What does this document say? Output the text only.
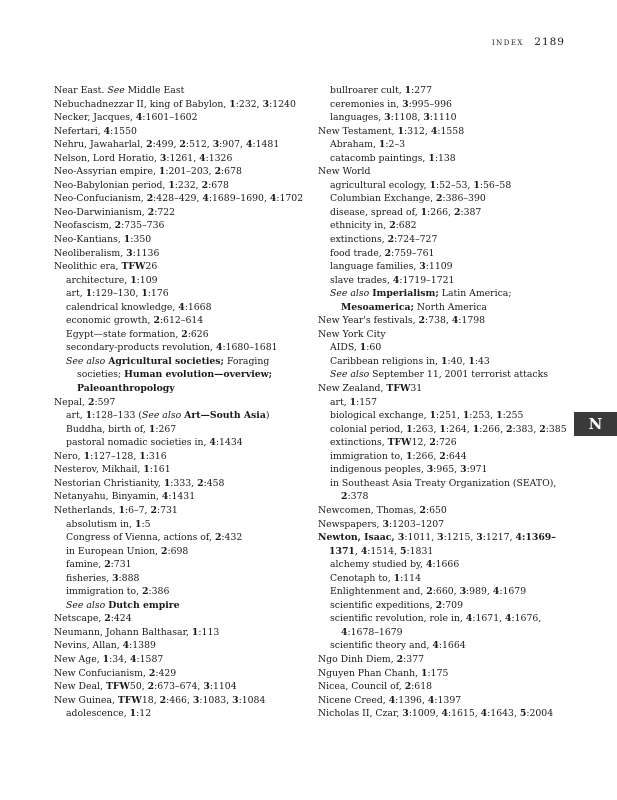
index 2189
Near East. See Middle East
Nebuchadnezzar II, king of Babylon, 1:232, 3:1240
Necker, Jacques, 4:1601–1602
Nefertari, 4:1550
Nehru, Jawaharlal, 2:499, 2:512, 3:907, 4:1481
Nelson, Lord Horatio, 3:1261, 4:1326
Neo-Assyrian empire, 1:201–203, 2:678
Neo-Babylonian period, 1:232, 2:678
Neo-Confucianism, 2:428–429, 4:1689–1690, 4:1702
Neo-Darwinianism, 2:722
Neofascism, 2:735–736
Neo-Kantians, 1:350
Neoliberalism, 3:1136
Neolithic era, TFW26
architecture, 1:109
art, 1:129–130, 1:176
calendrical knowledge, 4:1668
economic growth, 2:612–614
Egypt—state formation, 2:626
secondary-products revolution, 4:1680–1681
See also Agricultural societies; Foraging societies; Human evolution—overview; Paleoanthropology
Nepal, 2:597
art, 1:128–133 (See also Art—South Asia)
Buddha, birth of, 1:267
pastoral nomadic societies in, 4:1434
Nero, 1:127–128, 1:316
Nesterov, Mikhail, 1:161
Nestorian Christianity, 1:333, 2:458
Netanyahu, Binyamin, 4:1431
Netherlands, 1:6–7, 2:731
absolutism in, 1:5
Congress of Vienna, actions of, 2:432
in European Union, 2:698
famine, 2:731
fisheries, 3:888
immigration to, 2:386
See also Dutch empire
Netscape, 2:424
Neumann, Johann Balthasar, 1:113
Nevins, Allan, 4:1389
New Age, 1:34, 4:1587
New Confucianism, 2:429
New Deal, TFW50, 2:673–674, 3:1104
New Guinea, TFW18, 2:466, 3:1083, 3:1084
adolescence, 1:12
bullroarer cult, 1:277
ceremonies in, 3:995–996
languages, 3:1108, 3:1110
New Testament, 1:312, 4:1558
Abraham, 1:2–3
catacomb paintings, 1:138
New World
agricultural ecology, 1:52–53, 1:56–58
Columbian Exchange, 2:386–390
disease, spread of, 1:266, 2:387
ethnicity in, 2:682
extinctions, 2:724–727
food trade, 2:759–761
language families, 3:1109
slave trades, 4:1719–1721
See also Imperialism; Latin America; Mesoamerica; North America
New Year's festivals, 2:738, 4:1798
New York City
AIDS, 1:60
Caribbean religions in, 1:40, 1:43
See also September 11, 2001 terrorist attacks
New Zealand, TFW31
art, 1:157
biological exchange, 1:251, 1:253, 1:255
colonial period, 1:263, 1:264, 1:266, 2:383, 2:385
extinctions, TFW12, 2:726
immigration to, 1:266, 2:644
indigenous peoples, 3:965, 3:971
in Southeast Asia Treaty Organization (SEATO), 2:378
Newcomen, Thomas, 2:650
Newspapers, 3:1203–1207
Newton, Isaac, 3:1011, 3:1215, 3:1217, 4:1369–1371, 4:1514, 5:1831
alchemy studied by, 4:1666
Cenotaph to, 1:114
Enlightenment and, 2:660, 3:989, 4:1679
scientific expeditions, 2:709
scientific revolution, role in, 4:1671, 4:1676, 4:1678–1679
scientific theory and, 4:1664
Ngo Dinh Diem, 2:377
Nguyen Phan Chanh, 1:175
Nicea, Council of, 2:618
Nicene Creed, 4:1396, 4:1397
Nicholas II, Czar, 3:1009, 4:1615, 4:1643, 5:2004
N
